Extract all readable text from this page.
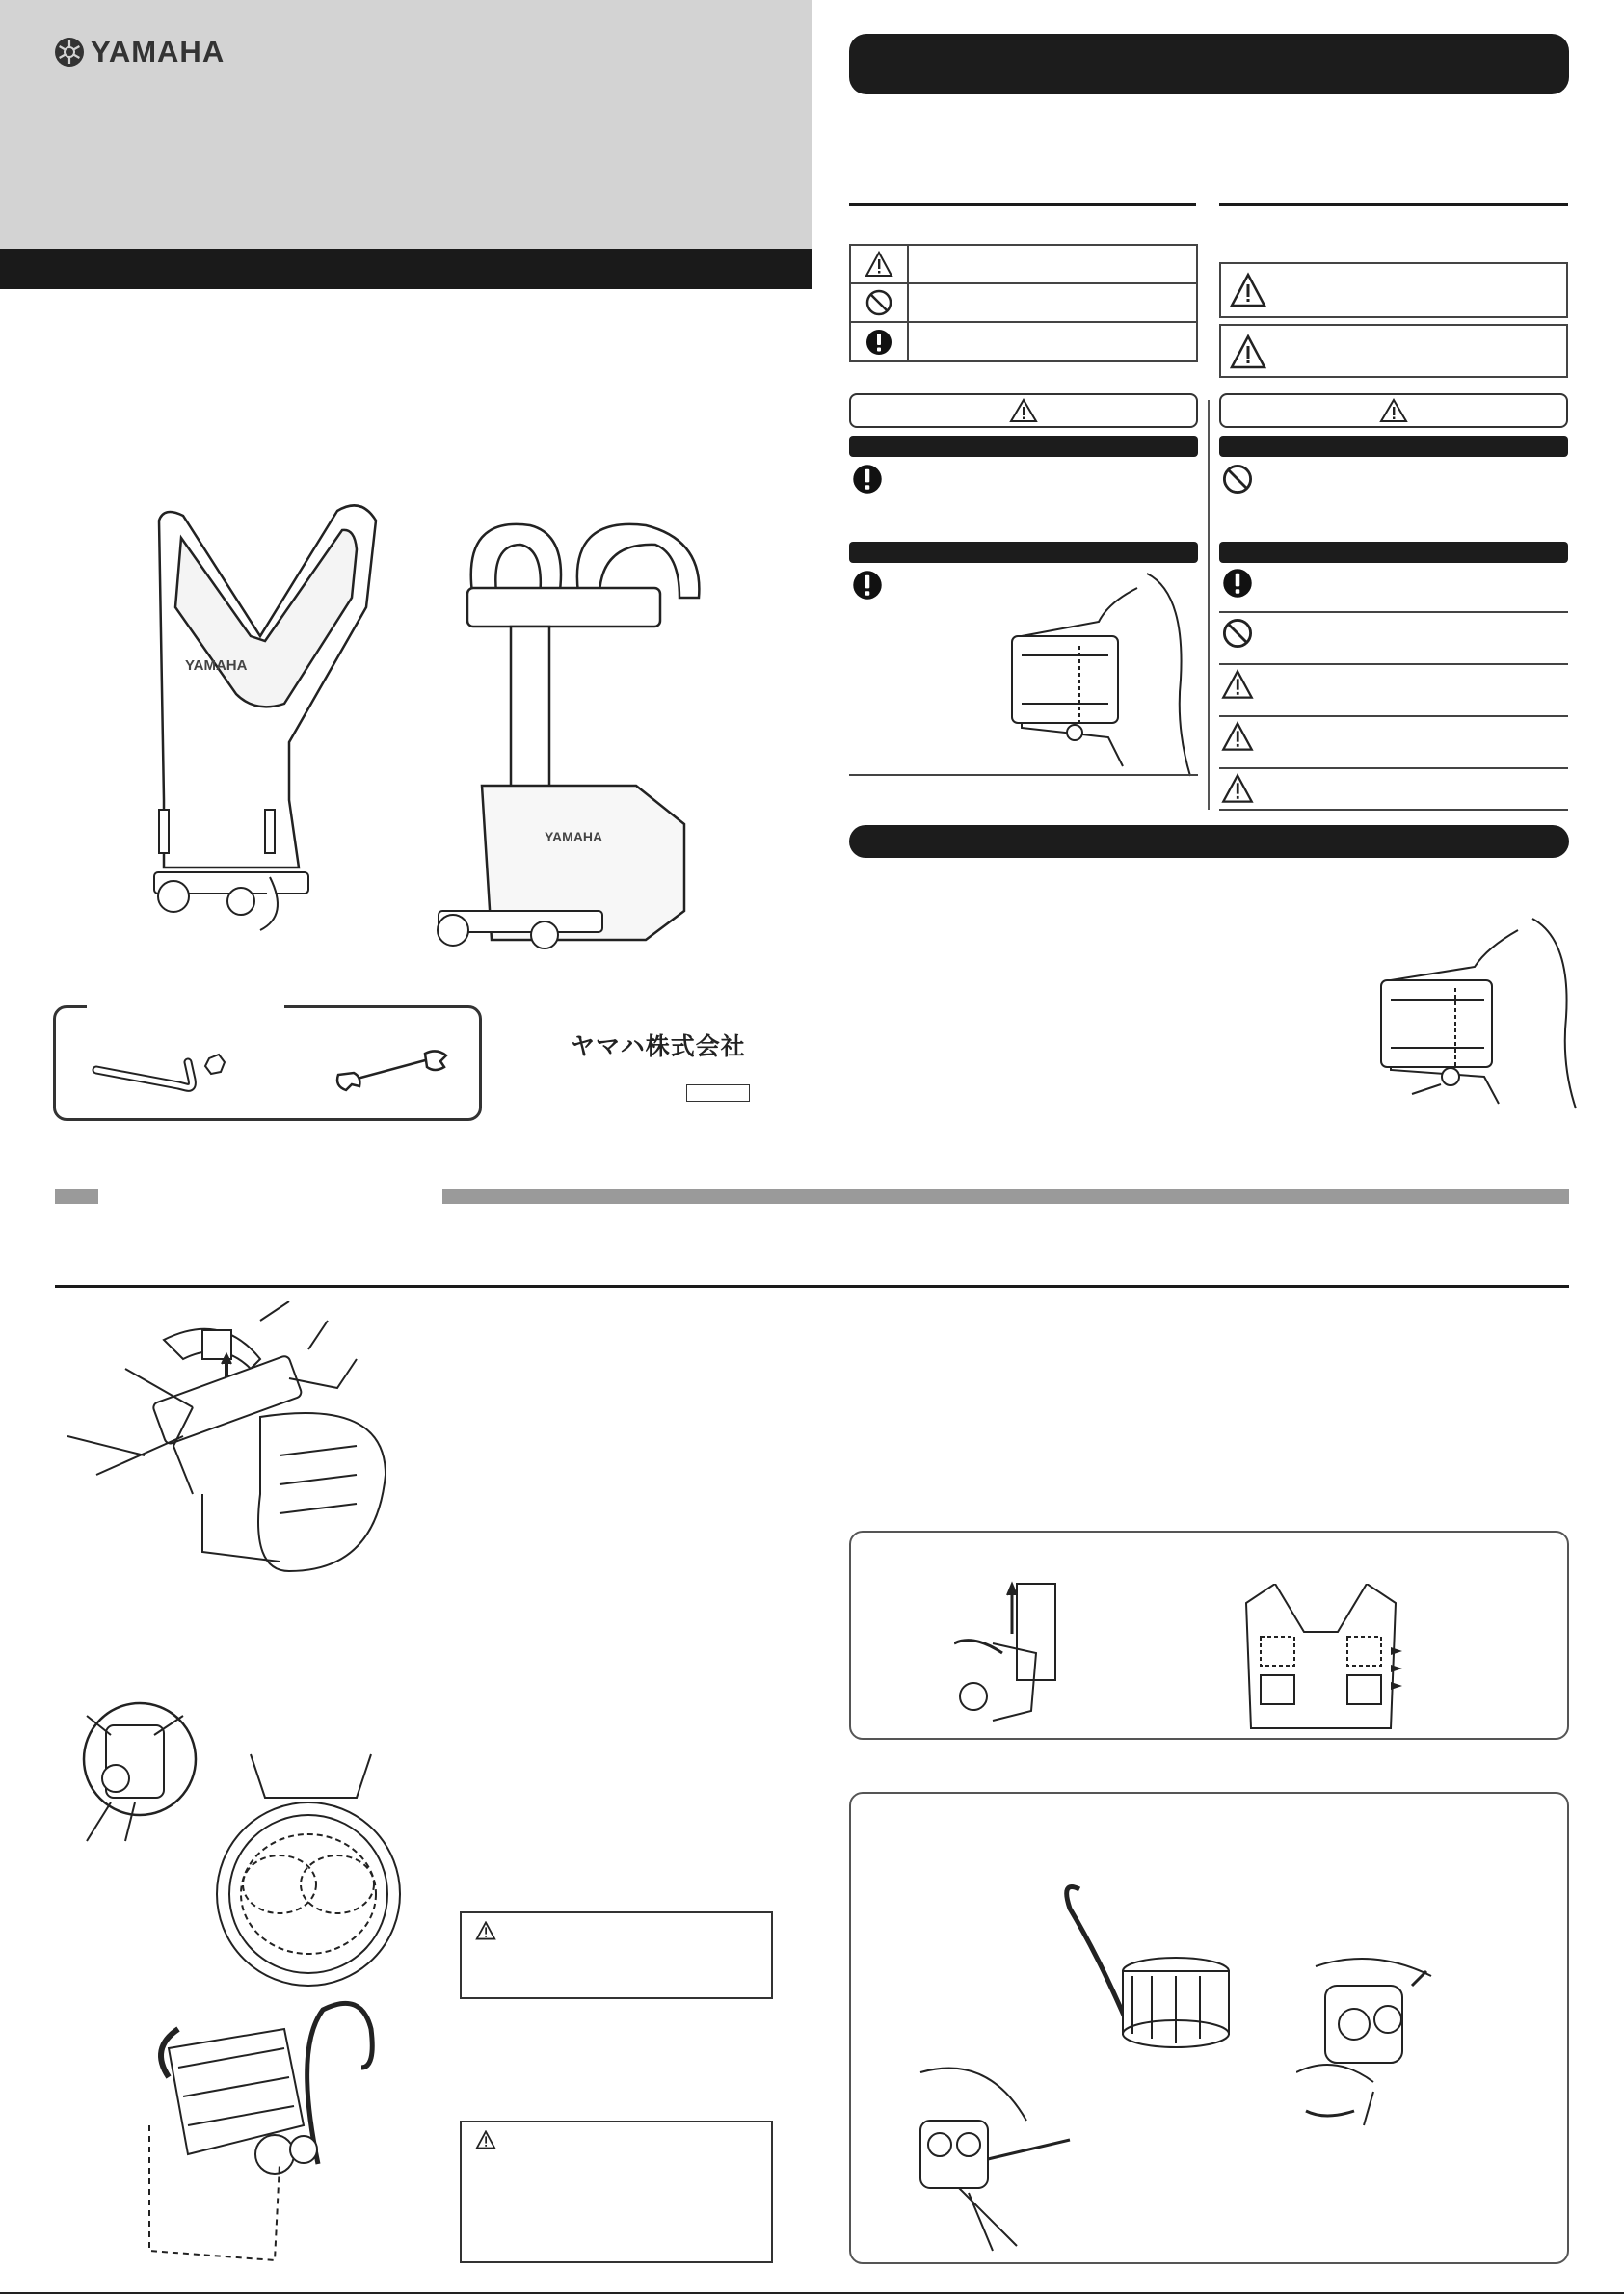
YAMAHA
YAMAHA
YAMAHA
ヤマハ株式会社
